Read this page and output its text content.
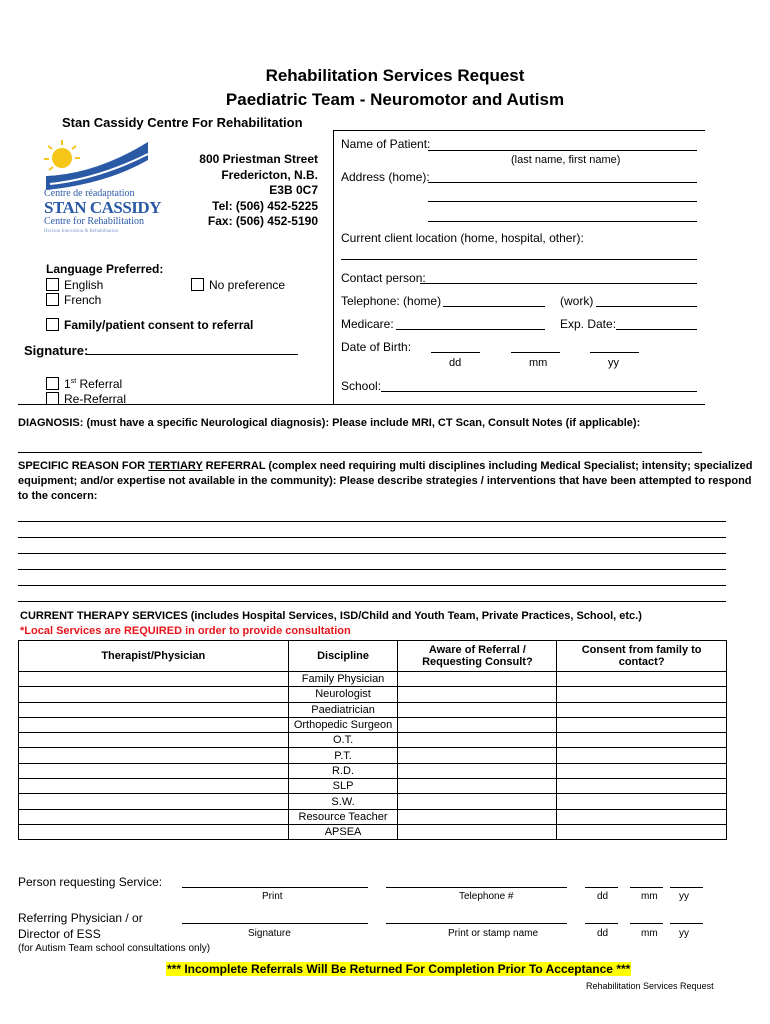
Rehabilitation Services Request
Paediatric Team - Neuromotor and Autism
Stan Cassidy Centre For Rehabilitation
Centre de réadaptation
STAN CASSIDY
Centre for Rehabilitation
Horizon Innovation & Rehabilitation
800 Priestman Street
Fredericton, N.B.
E3B 0C7
Tel: (506) 452-5225
Fax: (506) 452-5190
Name of Patient:
(last name, first name)
Address (home):
Current client location (home, hospital, other):
Contact person:
Telephone: (home)	(work)
Medicare:	Exp. Date:
Date of Birth:
dd	mm	yy
School:
Language Preferred:
English
French
No preference
Family/patient consent to referral
Signature:
1st Referral
Re-Referral
DIAGNOSIS: (must have a specific Neurological diagnosis): Please include MRI, CT Scan, Consult Notes (if applicable):
SPECIFIC REASON FOR TERTIARY REFERRAL (complex need requiring multi disciplines including Medical Specialist; intensity; specialized equipment; and/or expertise not available in the community): Please describe strategies / interventions that have been attempted to respond to the concern:
CURRENT THERAPY SERVICES (includes Hospital Services, ISD/Child and Youth Team, Private Practices, School, etc.)
*Local Services are REQUIRED in order to provide consultation
Therapist/Physician	Discipline	Aware of Referral / Requesting Consult?	Consent from family to contact?
	Family Physician		
	Neurologist		
	Paediatrician		
	Orthopedic Surgeon		
	O.T.		
	P.T.		
	R.D.		
	SLP		
	S.W.		
	Resource Teacher		
	APSEA		
Person requesting Service:
Print	Telephone #	dd	mm yy
Referring Physician / or
Director of ESS
(for Autism Team school consultations only)
Signature	Print or stamp name	dd	mm yy
*** Incomplete Referrals Will Be Returned For Completion Prior To Acceptance ***
Rehabilitation Services Request
